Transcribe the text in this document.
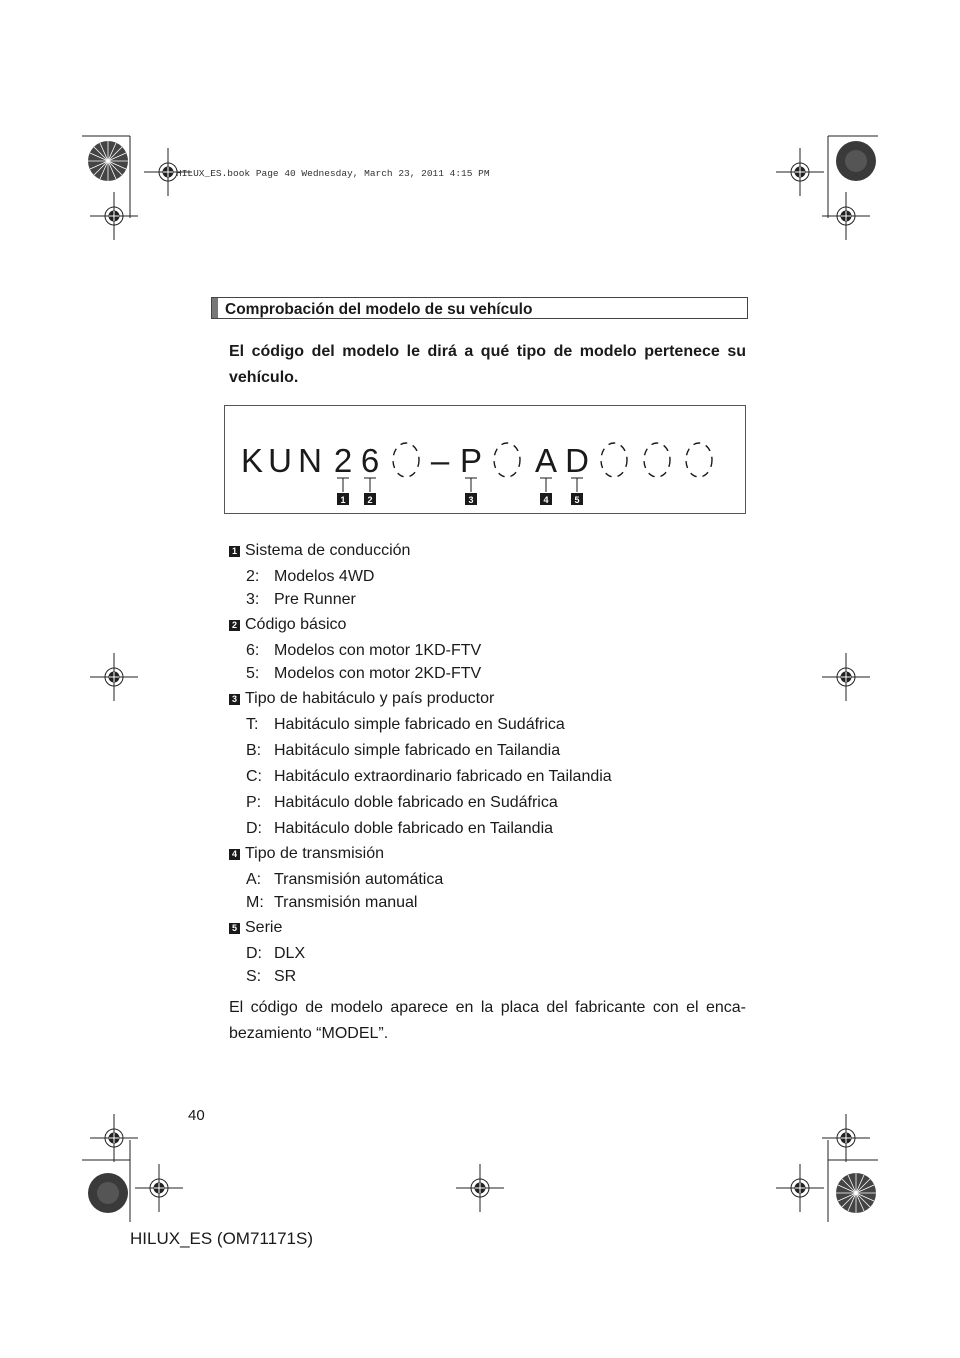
HILUX_ES.book Page 40 Wednesday, March 23, 2011 4:15 PM
Comprobación del modelo de su vehículo
El código del modelo le dirá a qué tipo de modelo pertenece su vehículo.
K U N 2 6 – P A D
1 2	3	4	5
1 Sistema de conducción
2: Modelos 4WD
3: Pre Runner
2 Código básico
6: Modelos con motor 1KD-FTV
5: Modelos con motor 2KD-FTV
3 Tipo de habitáculo y país productor
T: Habitáculo simple fabricado en Sudáfrica
B: Habitáculo simple fabricado en Tailandia
C: Habitáculo extraordinario fabricado en Tailandia
P: Habitáculo doble fabricado en Sudáfrica
D: Habitáculo doble fabricado en Tailandia
4 Tipo de transmisión
A: Transmisión automática
M: Transmisión manual
5 Serie
D: DLX
S: SR
El código de modelo aparece en la placa del fabricante con el enca-bezamiento “MODEL”.
40
HILUX_ES (OM71171S)
